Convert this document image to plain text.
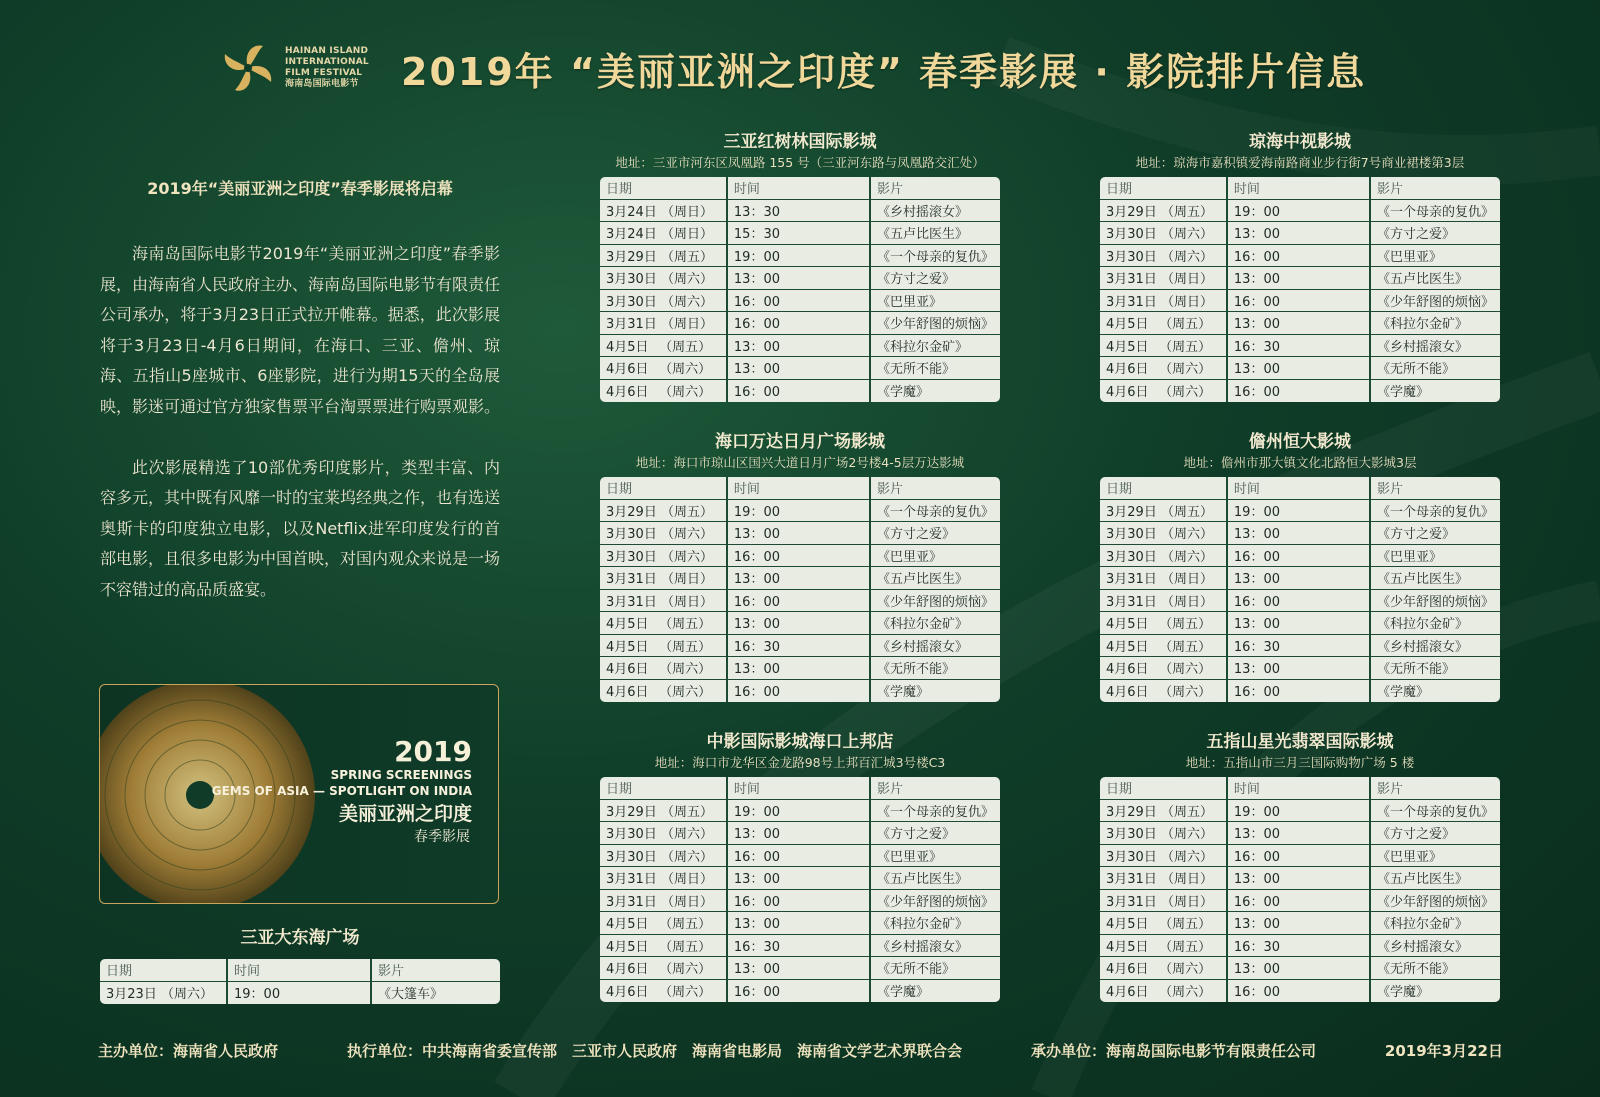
HAINAN ISLAND
INTERNATIONAL
FILM FESTIVAL
海南岛国际电影节	2019年 “美丽亚洲之印度” 春季影展 · 影院排片信息
2019年“美丽亚洲之印度”春季影展将启幕

海南岛国际电影节2019年“美丽亚洲之印度”春季影展，由海南省人民政府主办、海南岛国际电影节有限责任公司承办，将于3月23日正式拉开帷幕。据悉，此次影展将于3月23日-4月6日期间，在海口、三亚、儋州、琼海、五指山5座城市、6座影院，进行为期15天的全岛展映，影迷可通过官方独家售票平台淘票票进行购票观影。

此次影展精选了10部优秀印度影片，类型丰富、内容多元，其中既有风靡一时的宝莱坞经典之作，也有选送奥斯卡的印度独立电影，以及Netflix进军印度发行的首部电影，且很多电影为中国首映，对国内观众来说是一场不容错过的高品质盛宴。

2019
SPRING SCREENINGS
GEMS OF ASIA — SPOTLIGHT ON INDIA
美丽亚洲之印度
春季影展
三亚大东海广场
日期	时间	影片
3月23日 （周六）	19：00	《大篷车》
三亚红树林国际影城
地址：三亚市河东区凤凰路 155 号（三亚河东路与凤凰路交汇处）
日期	时间	影片
3月24日 （周日）	13：30	《乡村摇滚女》
3月24日 （周日）	15：30	《五卢比医生》
3月29日 （周五）	19：00	《一个母亲的复仇》
3月30日 （周六）	13：00	《方寸之爱》
3月30日 （周六）	16：00	《巴里亚》
3月31日 （周日）	16：00	《少年舒图的烦恼》
4月5日 　（周五）	13：00	《科拉尔金矿》
4月6日 　（周六）	13：00	《无所不能》
4月6日 　（周六）	16：00	《学魔》
琼海中视影城
地址：琼海市嘉积镇爱海南路商业步行街7号商业裙楼第3层
日期	时间	影片
3月29日 （周五）	19：00	《一个母亲的复仇》
3月30日 （周六）	13：00	《方寸之爱》
3月30日 （周六）	16：00	《巴里亚》
3月31日 （周日）	13：00	《五卢比医生》
3月31日 （周日）	16：00	《少年舒图的烦恼》
4月5日 　（周五）	13：00	《科拉尔金矿》
4月5日 　（周五）	16：30	《乡村摇滚女》
4月6日 　（周六）	13：00	《无所不能》
4月6日 　（周六）	16：00	《学魔》
海口万达日月广场影城
地址：海口市琼山区国兴大道日月广场2号楼4-5层万达影城
日期	时间	影片
3月29日 （周五）	19：00	《一个母亲的复仇》
3月30日 （周六）	13：00	《方寸之爱》
3月30日 （周六）	16：00	《巴里亚》
3月31日 （周日）	13：00	《五卢比医生》
3月31日 （周日）	16：00	《少年舒图的烦恼》
4月5日 　（周五）	13：00	《科拉尔金矿》
4月5日 　（周五）	16：30	《乡村摇滚女》
4月6日 　（周六）	13：00	《无所不能》
4月6日 　（周六）	16：00	《学魔》
儋州恒大影城
地址：儋州市那大镇文化北路恒大影城3层
日期	时间	影片
3月29日 （周五）	19：00	《一个母亲的复仇》
3月30日 （周六）	13：00	《方寸之爱》
3月30日 （周六）	16：00	《巴里亚》
3月31日 （周日）	13：00	《五卢比医生》
3月31日 （周日）	16：00	《少年舒图的烦恼》
4月5日 　（周五）	13：00	《科拉尔金矿》
4月5日 　（周五）	16：30	《乡村摇滚女》
4月6日 　（周六）	13：00	《无所不能》
4月6日 　（周六）	16：00	《学魔》
中影国际影城海口上邦店
地址：海口市龙华区金龙路98号上邦百汇城3号楼C3
日期	时间	影片
3月29日 （周五）	19：00	《一个母亲的复仇》
3月30日 （周六）	13：00	《方寸之爱》
3月30日 （周六）	16：00	《巴里亚》
3月31日 （周日）	13：00	《五卢比医生》
3月31日 （周日）	16：00	《少年舒图的烦恼》
4月5日 　（周五）	13：00	《科拉尔金矿》
4月5日 　（周五）	16：30	《乡村摇滚女》
4月6日 　（周六）	13：00	《无所不能》
4月6日 　（周六）	16：00	《学魔》
五指山星光翡翠国际影城
地址：五指山市三月三国际购物广场 5 楼
日期	时间	影片
3月29日 （周五）	19：00	《一个母亲的复仇》
3月30日 （周六）	13：00	《方寸之爱》
3月30日 （周六）	16：00	《巴里亚》
3月31日 （周日）	13：00	《五卢比医生》
3月31日 （周日）	16：00	《少年舒图的烦恼》
4月5日 　（周五）	13：00	《科拉尔金矿》
4月5日 　（周五）	16：30	《乡村摇滚女》
4月6日 　（周六）	13：00	《无所不能》
4月6日 　（周六）	16：00	《学魔》
主办单位：海南省人民政府	执行单位：中共海南省委宣传部　三亚市人民政府　海南省电影局　海南省文学艺术界联合会	承办单位：海南岛国际电影节有限责任公司	2019年3月22日
